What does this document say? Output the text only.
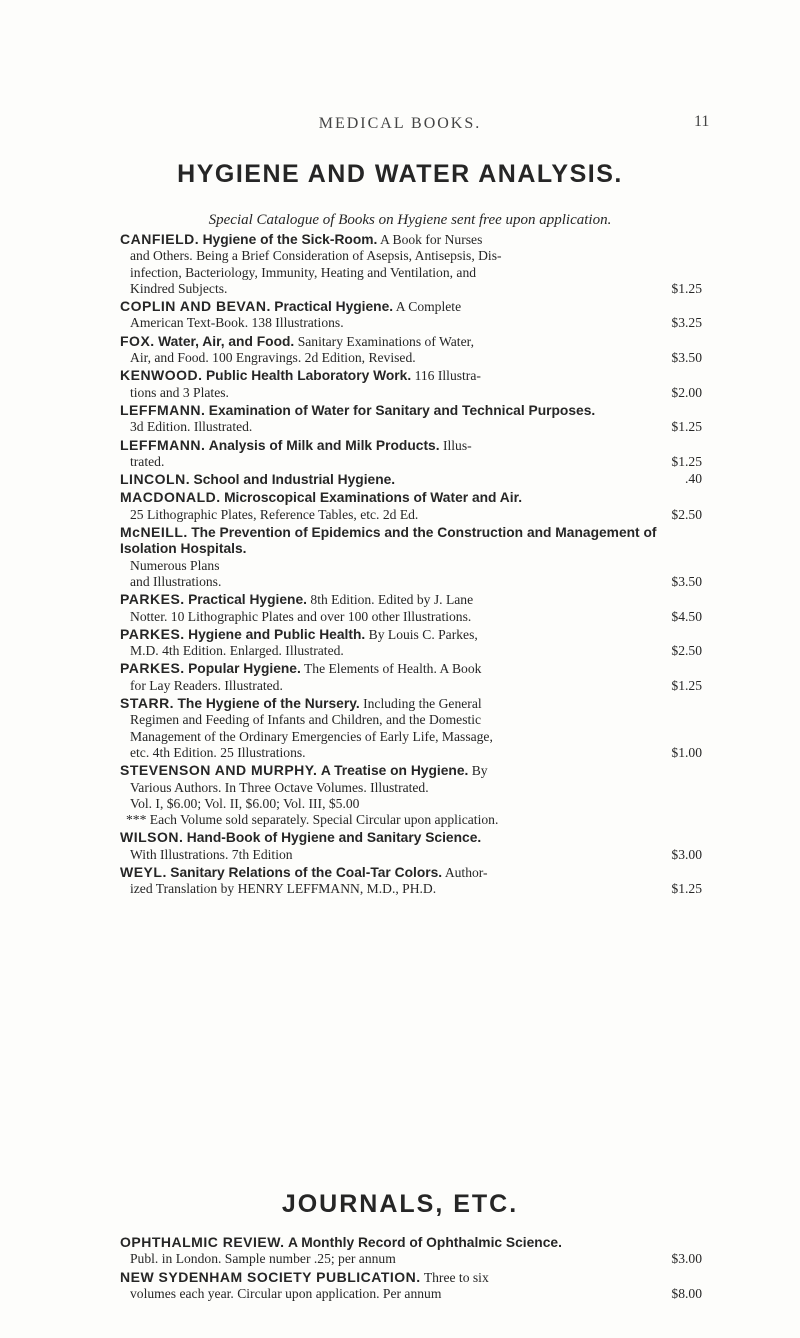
MEDICAL BOOKS.	11
HYGIENE AND WATER ANALYSIS.
Special Catalogue of Books on Hygiene sent free upon application.
CANFIELD. Hygiene of the Sick-Room. A Book for Nurses
and Others. Being a Brief Consideration of Asepsis, Antisepsis, Dis-
infection, Bacteriology, Immunity, Heating and Ventilation, and
Kindred Subjects.	$1.25
COPLIN AND BEVAN. Practical Hygiene. A Complete
American Text-Book. 138 Illustrations.	$3.25
FOX. Water, Air, and Food. Sanitary Examinations of Water,
Air, and Food. 100 Engravings. 2d Edition, Revised.	$3.50
KENWOOD. Public Health Laboratory Work. 116 Illustra-
tions and 3 Plates.	$2.00
LEFFMANN. Examination of Water for Sanitary and Technical Purposes.
3d Edition. Illustrated.	$1.25
LEFFMANN. Analysis of Milk and Milk Products. Illus-
trated.	$1.25
LINCOLN. School and Industrial Hygiene.	.40
MACDONALD. Microscopical Examinations of Water and Air.
25 Lithographic Plates, Reference Tables, etc. 2d Ed.	$2.50
McNEILL. The Prevention of Epidemics and the Construction and Management of Isolation Hospitals.
Numerous Plans
and Illustrations.	$3.50
PARKES. Practical Hygiene. 8th Edition. Edited by J. Lane
Notter. 10 Lithographic Plates and over 100 other Illustrations.	$4.50
PARKES. Hygiene and Public Health. By Louis C. Parkes,
M.D. 4th Edition. Enlarged. Illustrated.	$2.50
PARKES. Popular Hygiene. The Elements of Health. A Book
for Lay Readers. Illustrated.	$1.25
STARR. The Hygiene of the Nursery. Including the General
Regimen and Feeding of Infants and Children, and the Domestic
Management of the Ordinary Emergencies of Early Life, Massage,
etc. 4th Edition. 25 Illustrations.	$1.00
STEVENSON AND MURPHY. A Treatise on Hygiene. By
Various Authors. In Three Octave Volumes. Illustrated.
Vol. I, $6.00; Vol. II, $6.00; Vol. III, $5.00
*** Each Volume sold separately. Special Circular upon application.
WILSON. Hand-Book of Hygiene and Sanitary Science.
With Illustrations. 7th Edition	$3.00
WEYL. Sanitary Relations of the Coal-Tar Colors. Author-
ized Translation by HENRY LEFFMANN, M.D., PH.D.	$1.25
JOURNALS, ETC.
OPHTHALMIC REVIEW. A Monthly Record of Ophthalmic Science.
Publ. in London. Sample number .25; per annum	$3.00
NEW SYDENHAM SOCIETY PUBLICATION. Three to six
volumes each year. Circular upon application. Per annum	$8.00
